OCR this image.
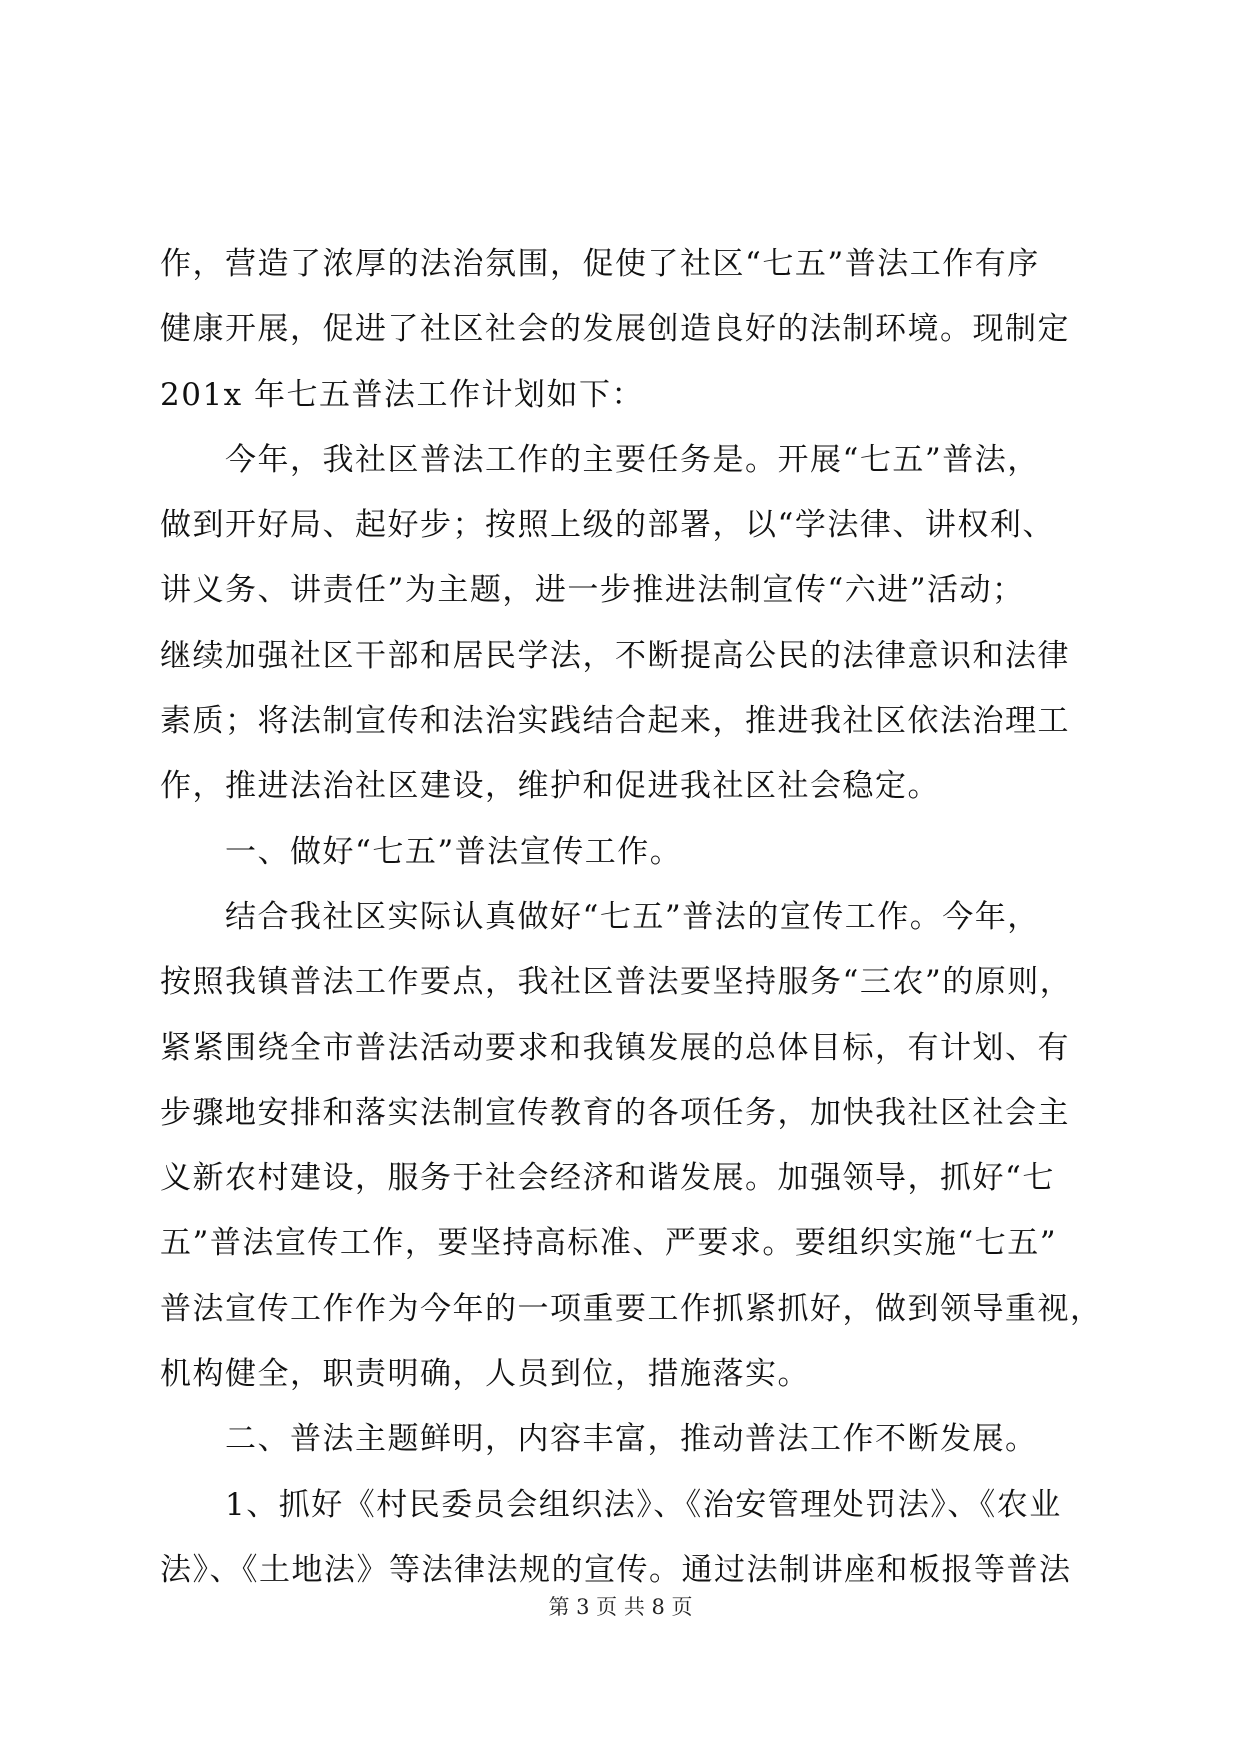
作，营造了浓厚的法治氛围，促使了社区“七五”普法工作有序
健康开展，促进了社区社会的发展创造良好的法制环境。现制定
201x 年七五普法工作计划如下：
　　今年，我社区普法工作的主要任务是。开展“七五”普法，
做到开好局、起好步；按照上级的部署，以“学法律、讲权利、
讲义务、讲责任”为主题，进一步推进法制宣传“六进”活动；
继续加强社区干部和居民学法，不断提高公民的法律意识和法律
素质；将法制宣传和法治实践结合起来，推进我社区依法治理工
作，推进法治社区建设，维护和促进我社区社会稳定。
　　一、做好“七五”普法宣传工作。
　　结合我社区实际认真做好“七五”普法的宣传工作。今年，
按照我镇普法工作要点，我社区普法要坚持服务“三农”的原则，
紧紧围绕全市普法活动要求和我镇发展的总体目标，有计划、有
步骤地安排和落实法制宣传教育的各项任务，加快我社区社会主
义新农村建设，服务于社会经济和谐发展。加强领导，抓好“七
五”普法宣传工作，要坚持高标准、严要求。要组织实施“七五”
普法宣传工作作为今年的一项重要工作抓紧抓好，做到领导重视，
机构健全，职责明确，人员到位，措施落实。
　　二、普法主题鲜明，内容丰富，推动普法工作不断发展。
　　1、抓好《村民委员会组织法》、《治安管理处罚法》、《农业
法》、《土地法》等法律法规的宣传。通过法制讲座和板报等普法
第 3 页 共 8 页
